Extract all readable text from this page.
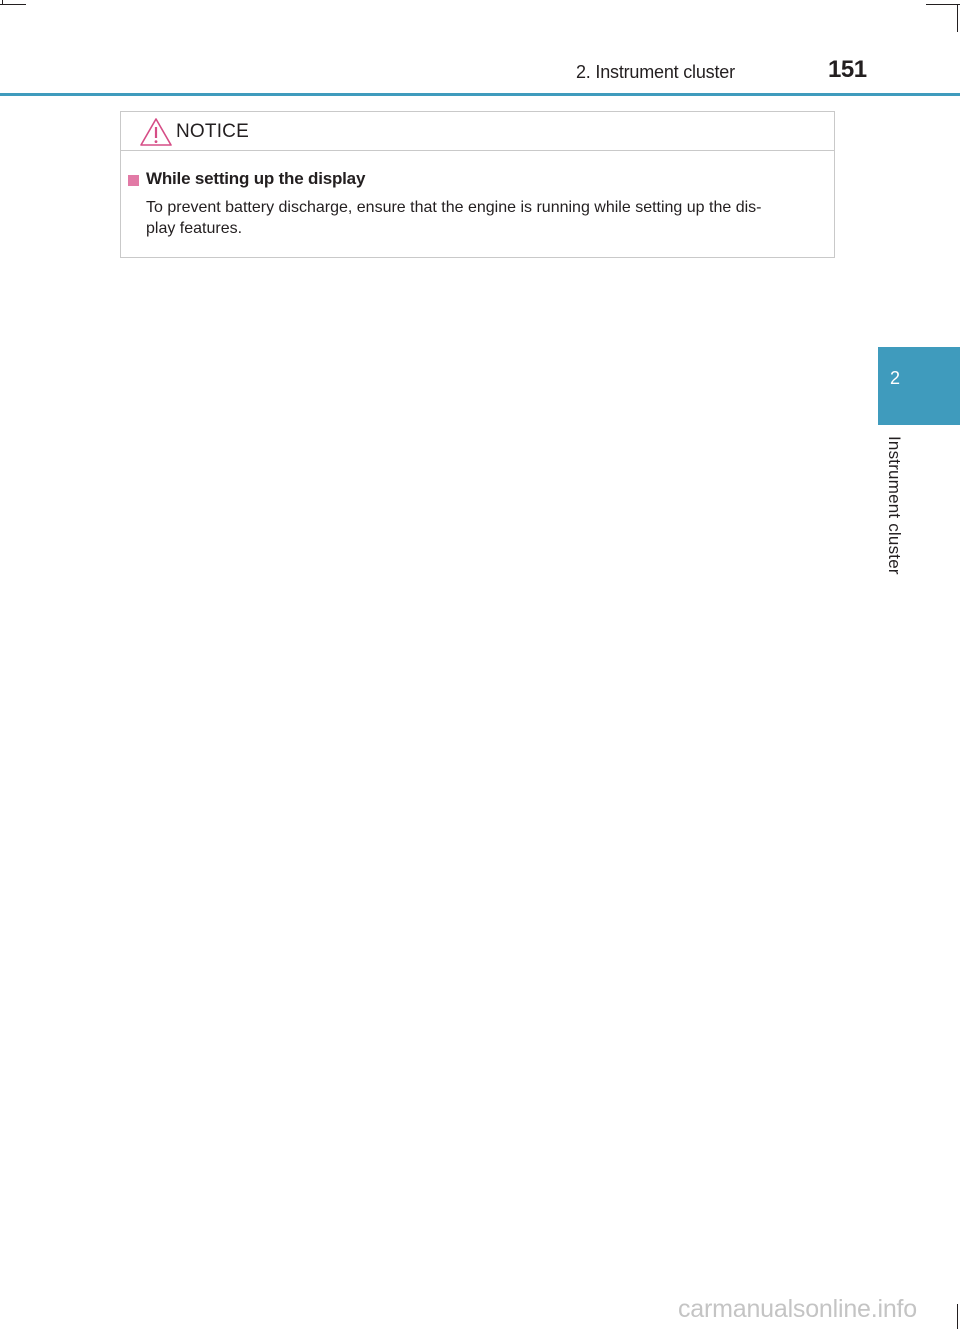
2. Instrument cluster	151
2
Instrument cluster
NOTICE
While setting up the display

To prevent battery discharge, ensure that the engine is running while setting up the dis-
play features.

carmanualsonline.info
